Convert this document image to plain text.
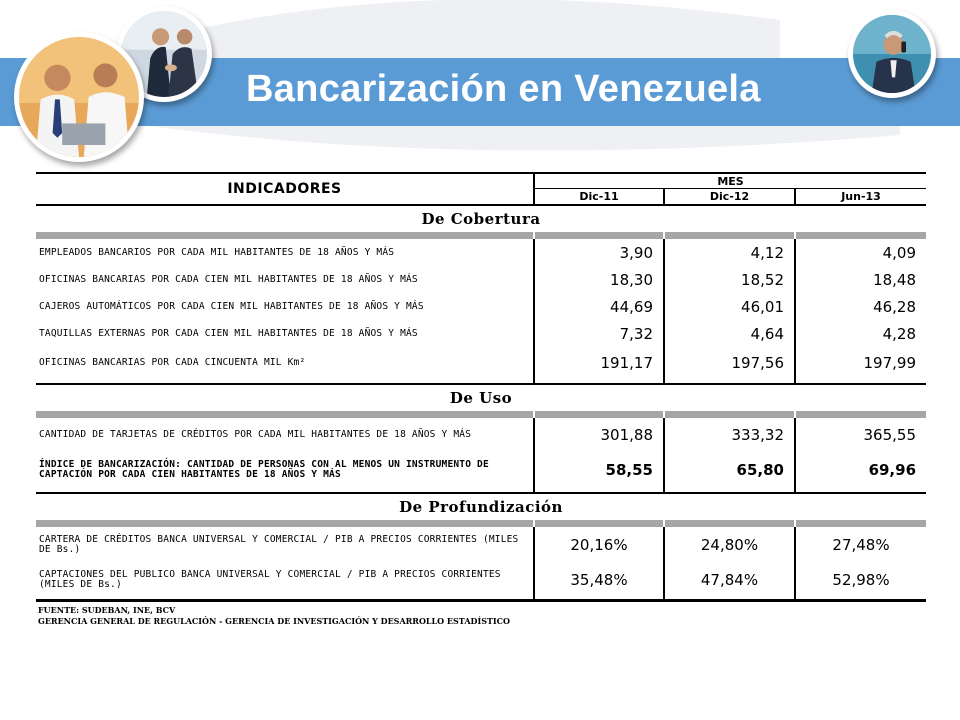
Bancarización en Venezuela
INDICADORES	MES		
	Dic-11	Dic-12	Jun-13
De Cobertura			

EMPLEADOS BANCARIOS POR CADA MIL HABITANTES DE 18 AÑOS Y MÁS	3,90	4,12	4,09
OFICINAS BANCARIAS POR CADA CIEN MIL HABITANTES DE 18 AÑOS Y MÁS	18,30	18,52	18,48
CAJEROS AUTOMÁTICOS POR CADA CIEN MIL HABITANTES DE 18 AÑOS Y MÁS	44,69	46,01	46,28
TAQUILLAS EXTERNAS POR CADA CIEN MIL HABITANTES DE 18 AÑOS Y MÁS	7,32	4,64	4,28
OFICINAS BANCARIAS POR CADA CINCUENTA MIL Km²	191,17	197,56	197,99

De Uso			

CANTIDAD DE TARJETAS DE CRÉDITOS POR CADA MIL HABITANTES DE 18 AÑOS Y MÁS	301,88	333,32	365,55
ÍNDICE DE BANCARIZACIÓN: CANTIDAD DE PERSONAS CON AL MENOS UN INSTRUMENTO DE CAPTACIÓN POR CADA CIEN HABITANTES DE 18 AÑOS Y MÁS	58,55	65,80	69,96

De Profundización			

CARTERA DE CRÉDITOS BANCA UNIVERSAL Y COMERCIAL / PIB A PRECIOS CORRIENTES (MILES DE Bs.)	20,16%	24,80%	27,48%
CAPTACIONES DEL PUBLICO BANCA UNIVERSAL Y COMERCIAL / PIB A PRECIOS CORRIENTES (MILES DE Bs.)	35,48%	47,84%	52,98%

FUENTE: SUDEBAN, INE, BCV
GERENCIA GENERAL DE REGULACIÓN - GERENCIA DE INVESTIGACIÓN Y DESARROLLO ESTADÍSTICO
